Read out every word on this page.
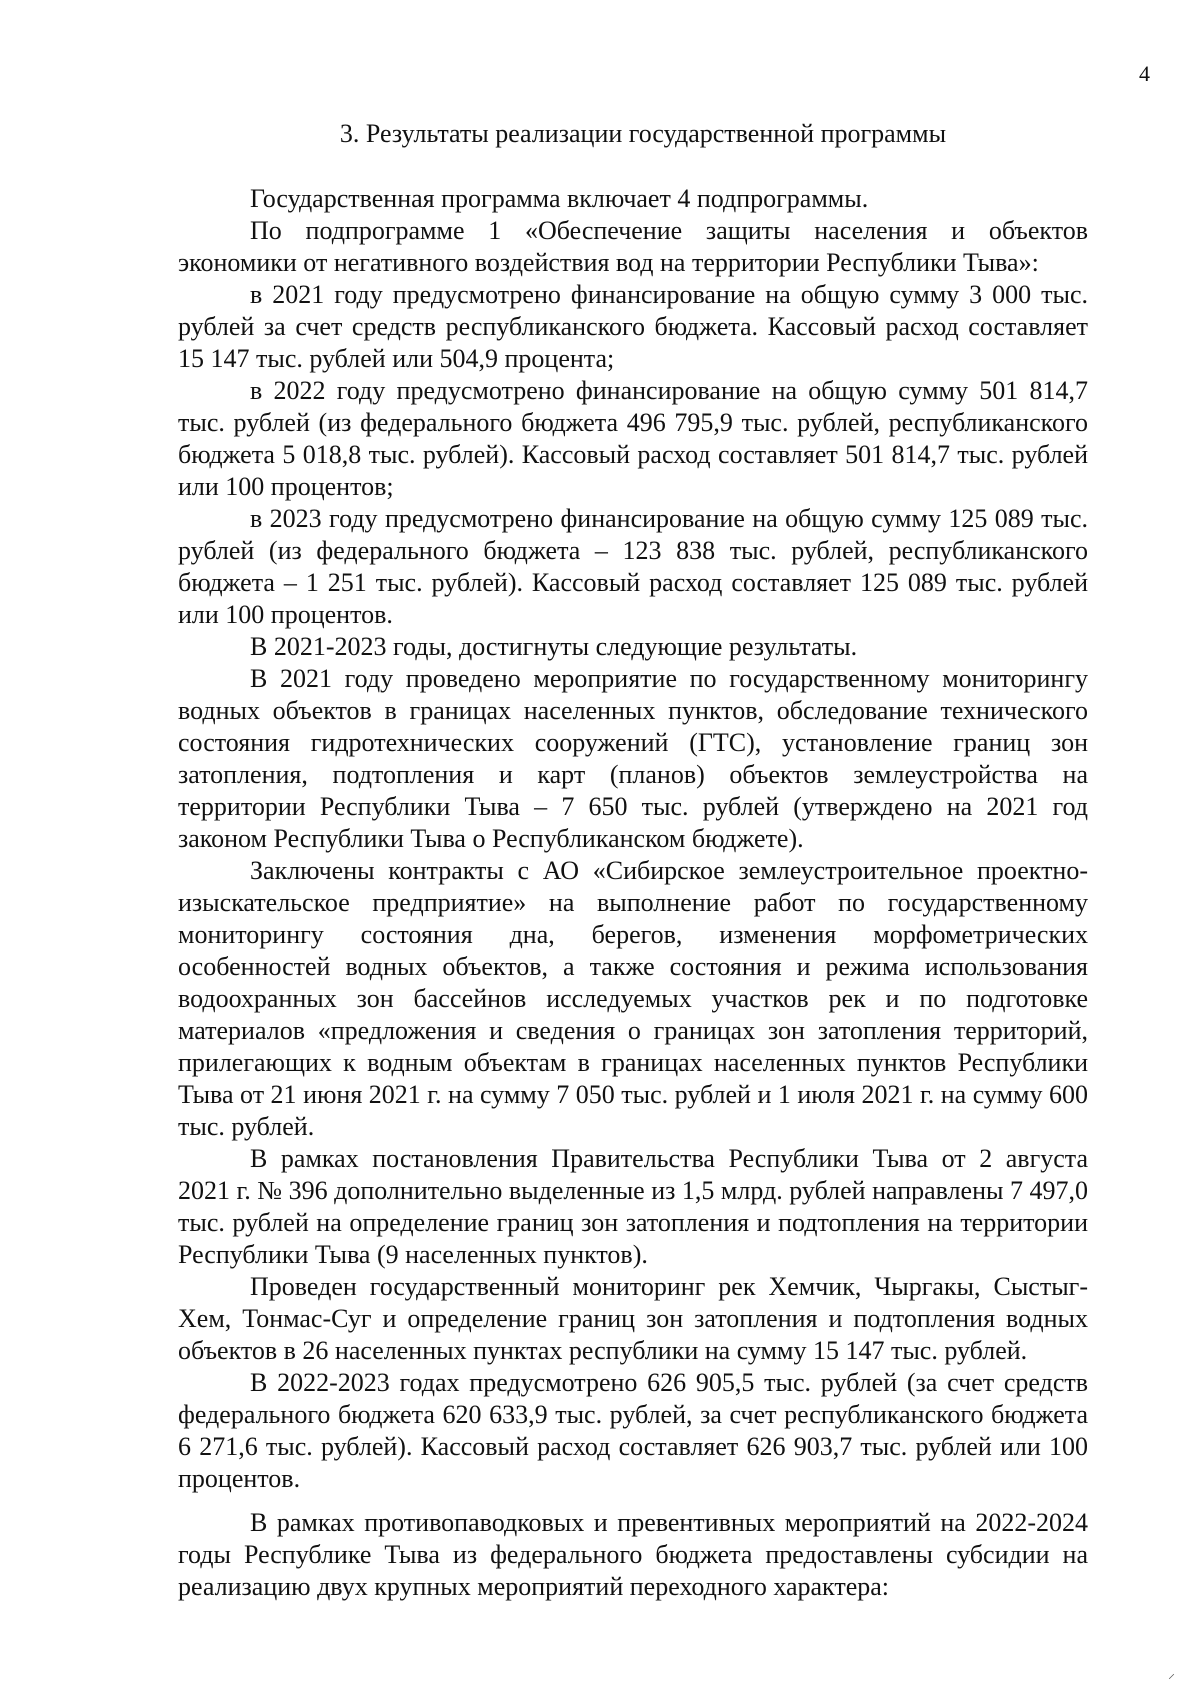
4
3. Результаты реализации государственной программы

Государственная программа включает 4 подпрограммы.

По подпрограмме 1 «Обеспечение защиты населения и объектов экономики от негативного воздействия вод на территории Республики Тыва»:

в 2021 году предусмотрено финансирование на общую сумму 3 000 тыс. рублей за счет средств республиканского бюджета. Кассовый расход составляет 15 147 тыс. рублей или 504,9 процента;

в 2022 году предусмотрено финансирование на общую сумму 501 814,7 тыс. рублей (из федерального бюджета 496 795,9 тыс. рублей, республиканского бюджета 5 018,8 тыс. рублей). Кассовый расход составляет 501 814,7 тыс. рублей или 100 процентов;

в 2023 году предусмотрено финансирование на общую сумму 125 089 тыс. рублей (из федерального бюджета – 123 838 тыс. рублей, республиканского бюджета – 1 251 тыс. рублей). Кассовый расход составляет 125 089 тыс. рублей или 100 процентов.

В 2021-2023 годы, достигнуты следующие результаты.

В 2021 году проведено мероприятие по государственному мониторингу водных объектов в границах населенных пунктов, обследование технического состояния гидротехнических сооружений (ГТС), установление границ зон затопления, подтопления и карт (планов) объектов землеустройства на территории Республики Тыва – 7 650 тыс. рублей (утверждено на 2021 год законом Республики Тыва о Республиканском бюджете).

Заключены контракты с АО «Сибирское землеустроительное проектно-изыскательское предприятие» на выполнение работ по государственному мониторингу состояния дна, берегов, изменения морфометрических особенностей водных объектов, а также состояния и режима использования водоохранных зон бассейнов исследуемых участков рек и по подготовке материалов «предложения и сведения о границах зон затопления территорий, прилегающих к водным объектам в границах населенных пунктов Республики Тыва от 21 июня 2021 г. на сумму 7 050 тыс. рублей и 1 июля 2021 г. на сумму 600 тыс. рублей.

В рамках постановления Правительства Республики Тыва от 2 августа 2021 г. № 396 дополнительно выделенные из 1,5 млрд. рублей направлены 7 497,0 тыс. рублей на определение границ зон затопления и подтопления на территории Республики Тыва (9 населенных пунктов).

Проведен государственный мониторинг рек Хемчик, Чыргакы, Сыстыг-Хем, Тонмас-Суг и определение границ зон затопления и подтопления водных объектов в 26 населенных пунктах республики на сумму 15 147 тыс. рублей.

В 2022-2023 годах предусмотрено 626 905,5 тыс. рублей (за счет средств федерального бюджета 620 633,9 тыс. рублей, за счет республиканского бюджета 6 271,6 тыс. рублей). Кассовый расход составляет 626 903,7 тыс. рублей или 100 процентов.

В рамках противопаводковых и превентивных мероприятий на 2022-2024 годы Республике Тыва из федерального бюджета предоставлены субсидии на реализацию двух крупных мероприятий переходного характера:

⸝
